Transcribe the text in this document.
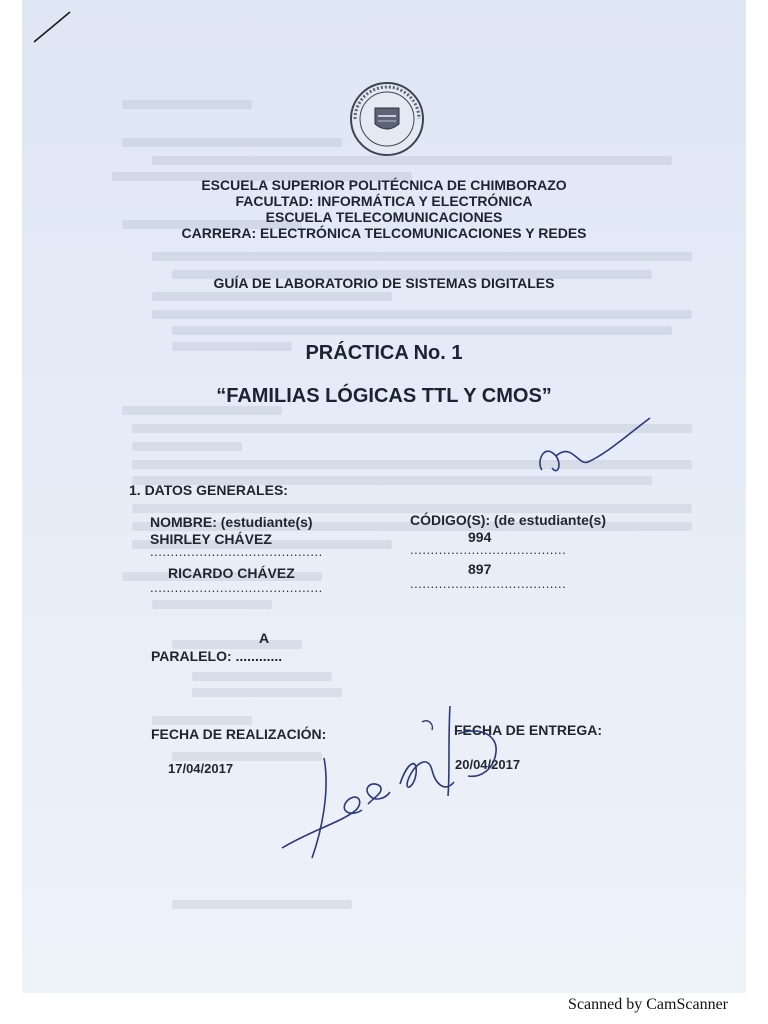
ESCUELA SUPERIOR POLITÉCNICA DE CHIMBORAZO
FACULTAD: INFORMÁTICA Y ELECTRÓNICA
ESCUELA TELECOMUNICACIONES
CARRERA: ELECTRÓNICA TELCOMUNICACIONES Y REDES
GUÍA DE LABORATORIO DE SISTEMAS DIGITALES
PRÁCTICA No. 1
“FAMILIAS LÓGICAS TTL Y CMOS”
1. DATOS GENERALES:
NOMBRE: (estudiante(s)	CÓDIGO(S): (de estudiante(s)
SHIRLEY CHÁVEZ	994
..........................................	......................................
RICARDO CHÁVEZ	897
..........................................	......................................
A
PARALELO: ............
FECHA DE REALIZACIÓN:	FECHA DE ENTREGA:
17/04/2017	20/04/2017
Scanned by CamScanner
